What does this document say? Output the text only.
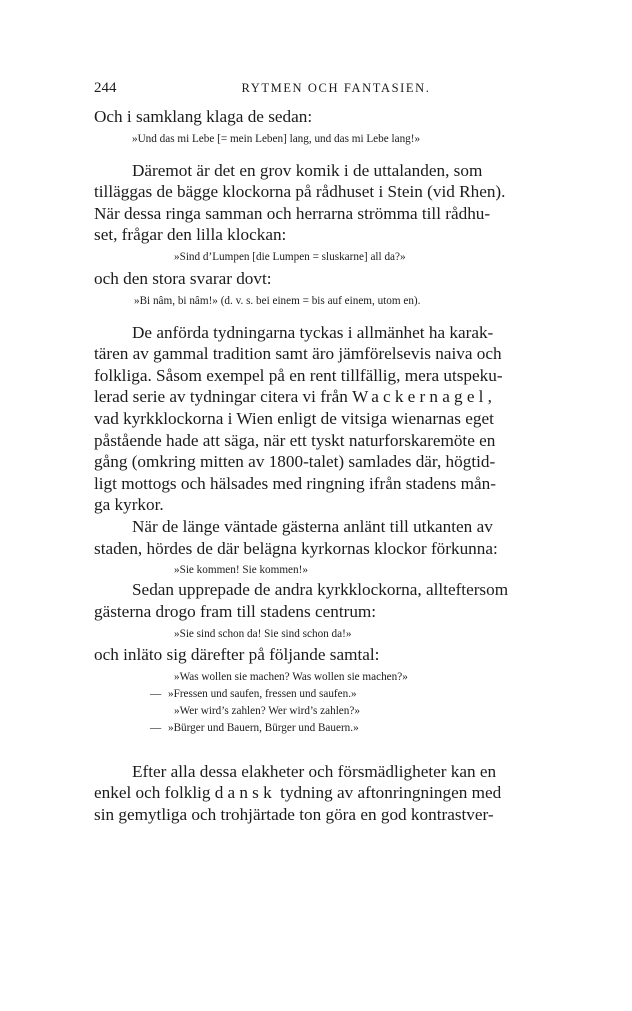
244	RYTMEN OCH FANTASIEN.
Och i samklang klaga de sedan:
»Und das mi Lebe [= mein Leben] lang, und das mi Lebe lang!»
Däremot är det en grov komik i de uttalanden, som
tilläggas de bägge klockorna på rådhuset i Stein (vid Rhen).
När dessa ringa samman och herrarna strömma till rådhu-
set, frågar den lilla klockan:
»Sind d’Lumpen [die Lumpen = sluskarne] all da?»
och den stora svarar dovt:
»Bi nâm, bi nâm!» (d. v. s. bei einem = bis auf einem, utom en).
De anförda tydningarna tyckas i allmänhet ha karak-
tären av gammal tradition samt äro jämförelsevis naiva och
folkliga. Såsom exempel på en rent tillfällig, mera utspeku-
lerad serie av tydningar citera vi från Wackernagel,
vad kyrkklockorna i Wien enligt de vitsiga wienarnas eget
påstående hade att säga, när ett tyskt naturforskaremöte en
gång (omkring mitten av 1800-talet) samlades där, högtid-
ligt mottogs och hälsades med ringning ifrån stadens mån-
ga kyrkor.
När de länge väntade gästerna anlänt till utkanten av
staden, hördes de där belägna kyrkornas klockor förkunna:
»Sie kommen! Sie kommen!»
Sedan upprepade de andra kyrkklockorna, allteftersom
gästerna drogo fram till stadens centrum:
»Sie sind schon da! Sie sind schon da!»
och inläto sig därefter på följande samtal:
»Was wollen sie machen? Was wollen sie machen?»
— »Fressen und saufen, fressen und saufen.»
»Wer wird’s zahlen? Wer wird’s zahlen?»
— »Bürger und Bauern, Bürger und Bauern.»
Efter alla dessa elakheter och försmädligheter kan en
enkel och folklig dansk tydning av aftonringningen med
sin gemytliga och trohjärtade ton göra en god kontrastver-
